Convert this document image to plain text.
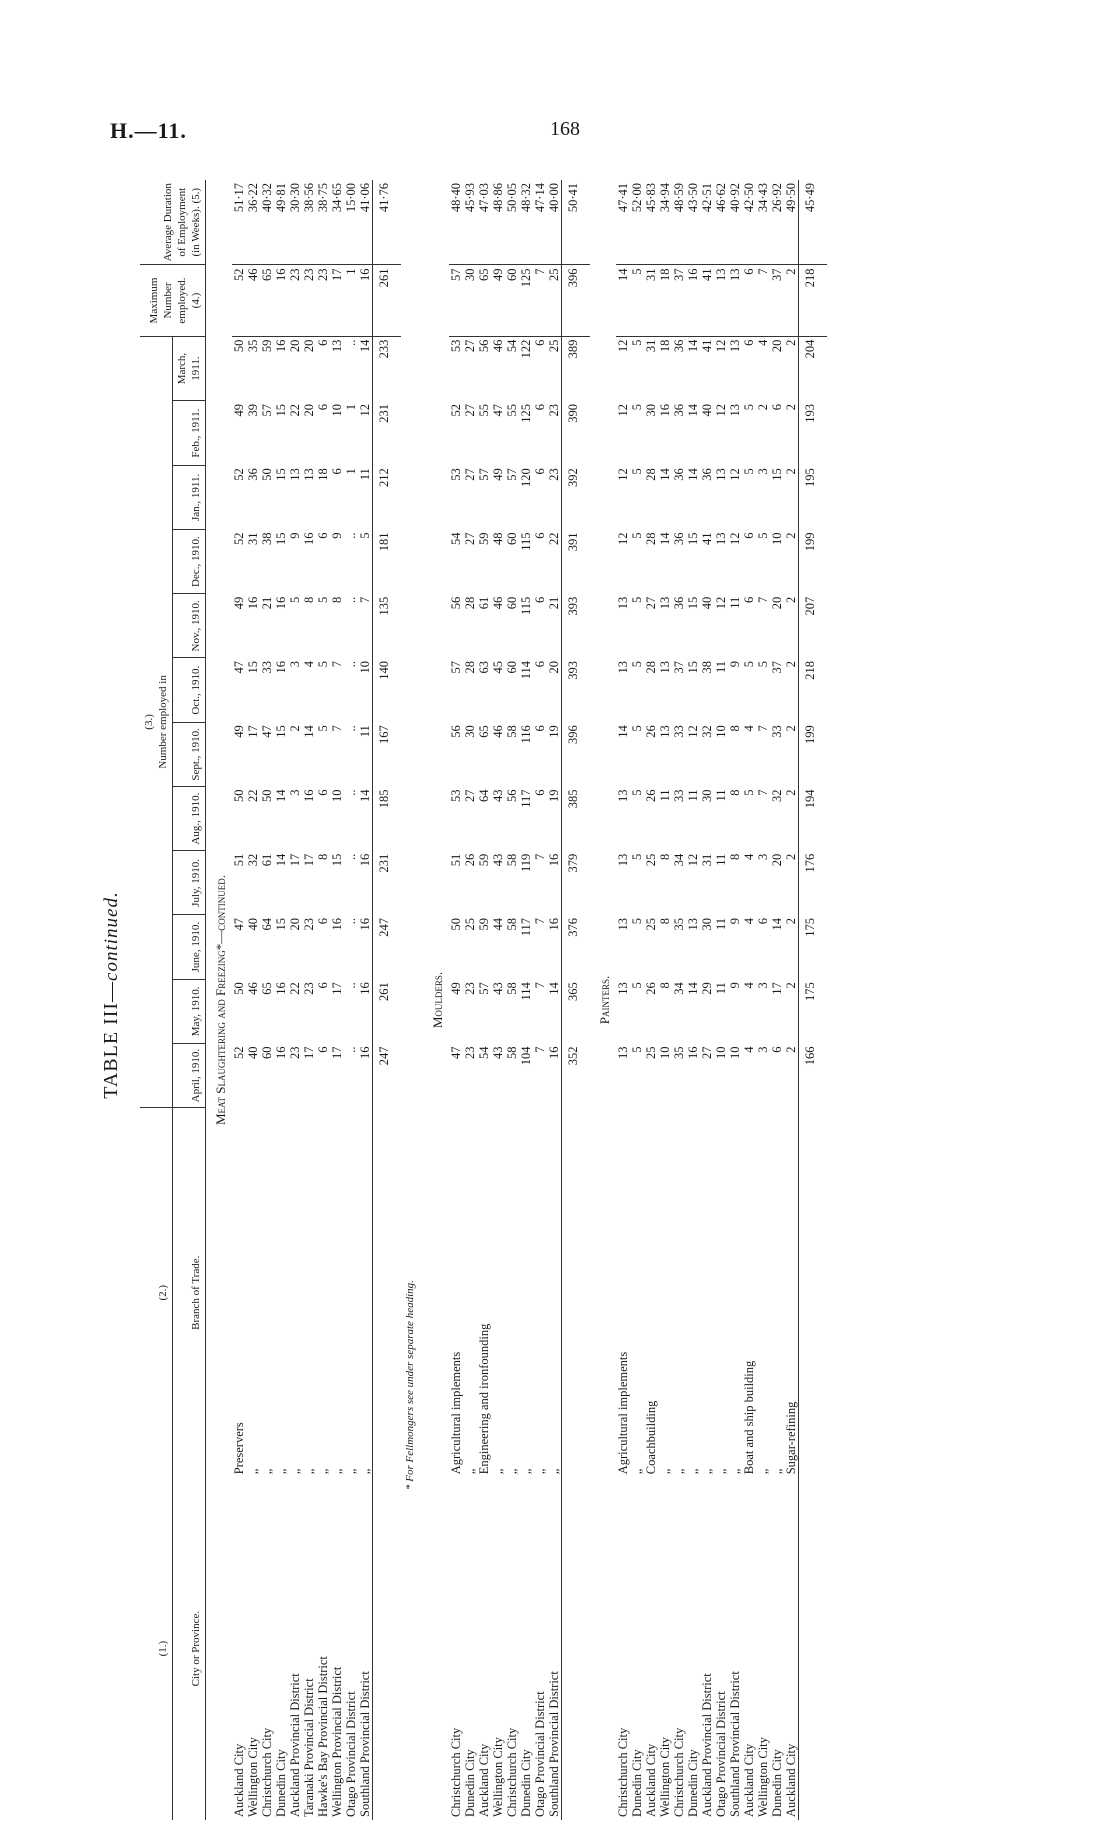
H.—11.	168
TABLE III—continued.
(1.)	(2.)	(3.) Number employed in												Maximum Number employed. (4.)	Average Duration of Employment (in Weeks). (5.)
City or Province.	Branch of Trade.	April, 1910.	May, 1910.	June, 1910.	July, 1910.	Aug., 1910.	Sept., 1910.	Oct., 1910.	Nov., 1910.	Dec., 1910.	Jan., 1911.	Feb., 1911.	March, 1911.		
Meat Slaughtering and Freezing*—continued.															
Auckland City	Preservers	52	50	47	51	50	49	47	49	52	52	49	50	52	51·17
Wellington City	„	40	46	40	32	22	17	15	16	31	36	39	35	46	36·22
Christchurch City	„	60	65	64	61	50	47	33	21	38	50	57	59	65	40·32
Dunedin City	„	16	16	15	14	14	15	16	16	15	15	15	16	16	49·81
Auckland Provincial District	„	23	22	20	17	3	2	3	5	9	13	22	20	23	30·30
Taranaki Provincial District	„	17	23	23	17	16	14	4	8	16	13	20	20	23	38·56
Hawke's Bay Provincial District	„	6	6	6	8	6	5	5	5	6	18	6	6	23	38·75
Wellington Provincial District	„	17	17	16	15	10	7	7	8	9	6	10	13	17	34·65
Otago Provincial District	„	..	..	..	..	..	..	..	..	..	1	1	..	1	15·00
Southland Provincial District	„	16	16	16	16	14	11	10	7	5	11	12	14	16	41·06
		247	261	247	231	185	167	140	135	181	212	231	233	261	41·76
* For Fellmongers see under separate heading.															
Moulders.															
Christchurch City	Agricultural implements	47	49	50	51	53	56	57	56	54	53	52	53	57	48·40
Dunedin City	„	23	23	25	26	27	30	28	28	27	27	27	27	30	45·93
Auckland City	Engineering and ironfounding	54	57	59	59	64	65	63	61	59	57	55	56	65	47·03
Wellington City	„	43	43	44	43	43	46	45	46	48	49	47	46	49	48·86
Christchurch City	„	58	58	58	58	56	58	60	60	60	57	55	54	60	50·05
Dunedin City	„	104	114	117	119	117	116	114	115	115	120	125	122	125	48·32
Otago Provincial District	„	7	7	7	7	6	6	6	6	6	6	6	6	7	47·14
Southland Provincial District	„	16	14	16	16	19	19	20	21	22	23	23	25	25	40·00
		352	365	376	379	385	396	393	393	391	392	390	389	396	50·41
Painters.															
Christchurch City	Agricultural implements	13	13	13	13	13	14	13	13	12	12	12	12	14	47·41
Dunedin City	„	5	5	5	5	5	5	5	5	5	5	5	5	5	52·00
Auckland City	Coachbuilding	25	26	25	25	26	26	28	27	28	28	30	31	31	45·83
Wellington City	„	10	8	8	8	11	13	13	13	14	14	16	18	18	34·94
Christchurch City	„	35	34	35	34	33	33	37	36	36	36	36	36	37	48·59
Dunedin City	„	16	14	13	12	11	12	15	15	15	14	14	14	16	43·50
Auckland Provincial District	„	27	29	30	31	30	32	38	40	41	36	40	41	41	42·51
Otago Provincial District	„	10	11	11	11	11	10	11	12	13	13	12	12	13	46·62
Southland Provincial District	„	10	9	9	8	8	8	9	11	12	12	13	13	13	40·92
Auckland City	Boat and ship building	4	4	4	4	5	4	5	6	6	5	5	6	6	42·50
Wellington City	„	3	3	6	3	7	7	5	7	5	3	2	4	7	34·43
Dunedin City	„	6	17	14	20	32	33	37	20	10	15	6	20	37	26·92
Auckland City	Sugar-refining	2	2	2	2	2	2	2	2	2	2	2	2	2	49·50
		166	175	175	176	194	199	218	207	199	195	193	204	218	45·49
